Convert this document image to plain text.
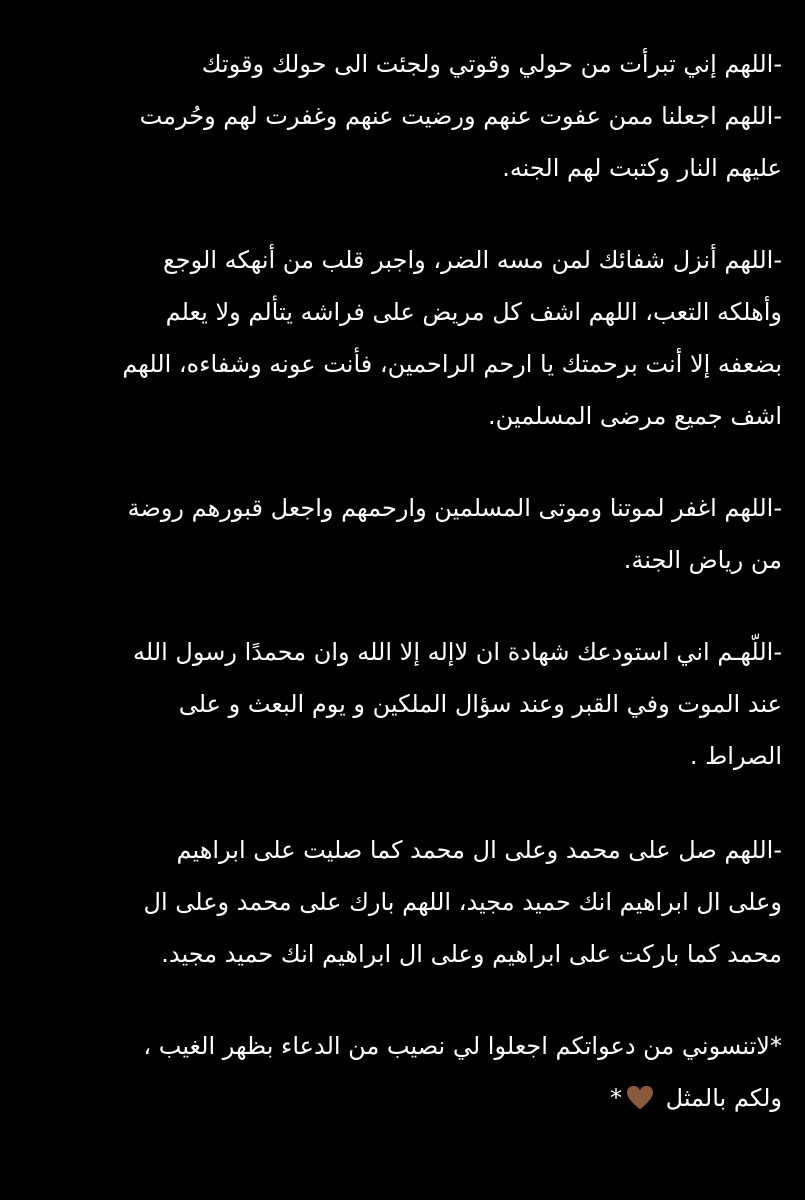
-اللهم إني تبرأت من حولي وقوتي ولجئت الى حولك وقوتك
-اللهم اجعلنا ممن عفوت عنهم ورضيت عنهم وغفرت لهم وحُرمت
عليهم النار وكتبت لهم الجنه.
-اللهم أنزل شفائك لمن مسه الضر، واجبر قلب من أنهكه الوجع
وأهلكه التعب، اللهم اشف كل مريض على فراشه يتألم ولا يعلم
بضعفه إلا أنت برحمتك يا ارحم الراحمين، فأنت عونه وشفاءه، اللهم
اشف جميع مرضى المسلمين.
-اللهم اغفر لموتنا وموتى المسلمين وارحمهم واجعل قبورهم روضة
من رياض الجنة.
-اللّهـم اني استودعك شهادة ان لاإله إلا الله وان محمدًا رسول الله
عند الموت وفي القبر وعند سؤال الملكين و يوم البعث و على
الصراط .
-اللهم صل على محمد وعلى ال محمد كما صليت على ابراهيم
وعلى ال ابراهيم انك حميد مجيد، اللهم بارك على محمد وعلى ال
محمد كما باركت على ابراهيم وعلى ال ابراهيم انك حميد مجيد.
*لاتنسوني من دعواتكم اجعلوا لي نصيب من الدعاء بظهر الغيب ،
ولكم بالمثل *
